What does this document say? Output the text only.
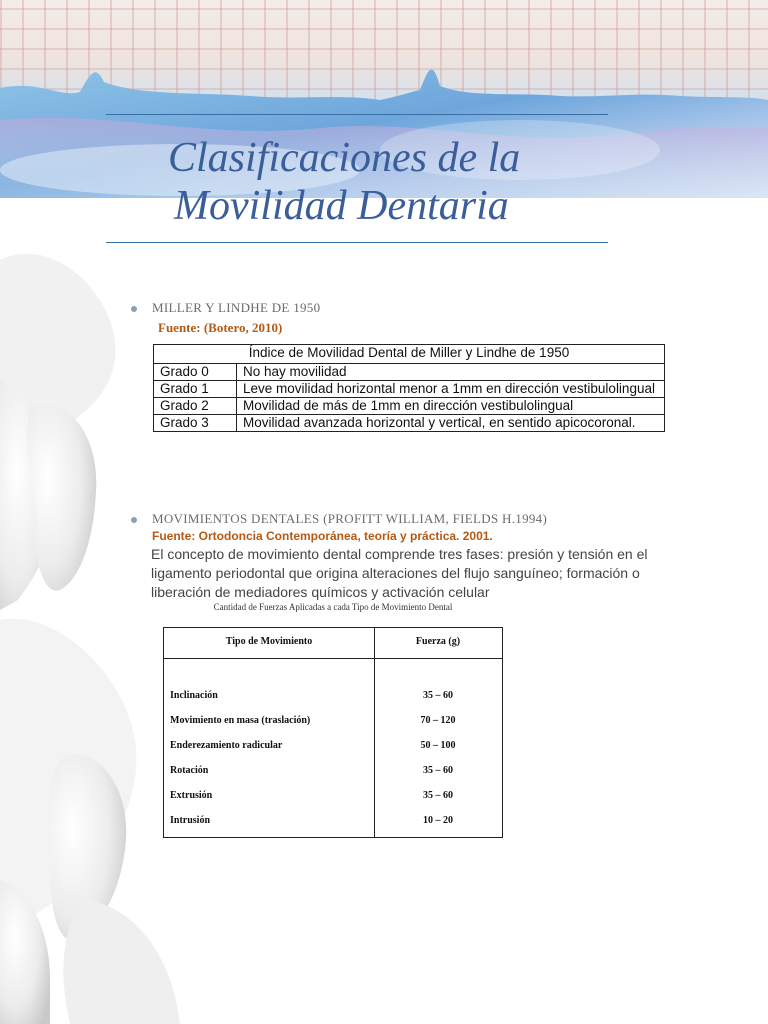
Clasificaciones de la
Movilidad Dentaria
MILLER Y LINDHE DE 1950
Fuente: (Botero, 2010)
Índice de Movilidad Dental de Miller y Lindhe de 1950	
Grado 0	No hay movilidad
Grado 1	Leve movilidad horizontal menor a 1mm en dirección vestibulolingual
Grado 2	Movilidad de más de 1mm en dirección vestibulolingual
Grado 3	Movilidad avanzada horizontal y vertical, en sentido apicocoronal.
MOVIMIENTOS DENTALES (PROFITT WILLIAM, FIELDS H.1994)
Fuente: Ortodoncia Contemporánea, teoría y práctica. 2001.

El concepto de movimiento dental comprende tres fases: presión y tensión en el ligamento periodontal que origina alteraciones del flujo sanguíneo; formación o liberación de mediadores químicos y activación celular

Cantidad de Fuerzas Aplicadas a cada Tipo de Movimiento Dental
Tipo de Movimiento	Fuerza (g)
Inclinación	35 – 60
Movimiento en masa (traslación)	70 – 120
Enderezamiento radicular	50 – 100
Rotación	35 – 60
Extrusión	35 – 60
Intrusión	10 – 20
